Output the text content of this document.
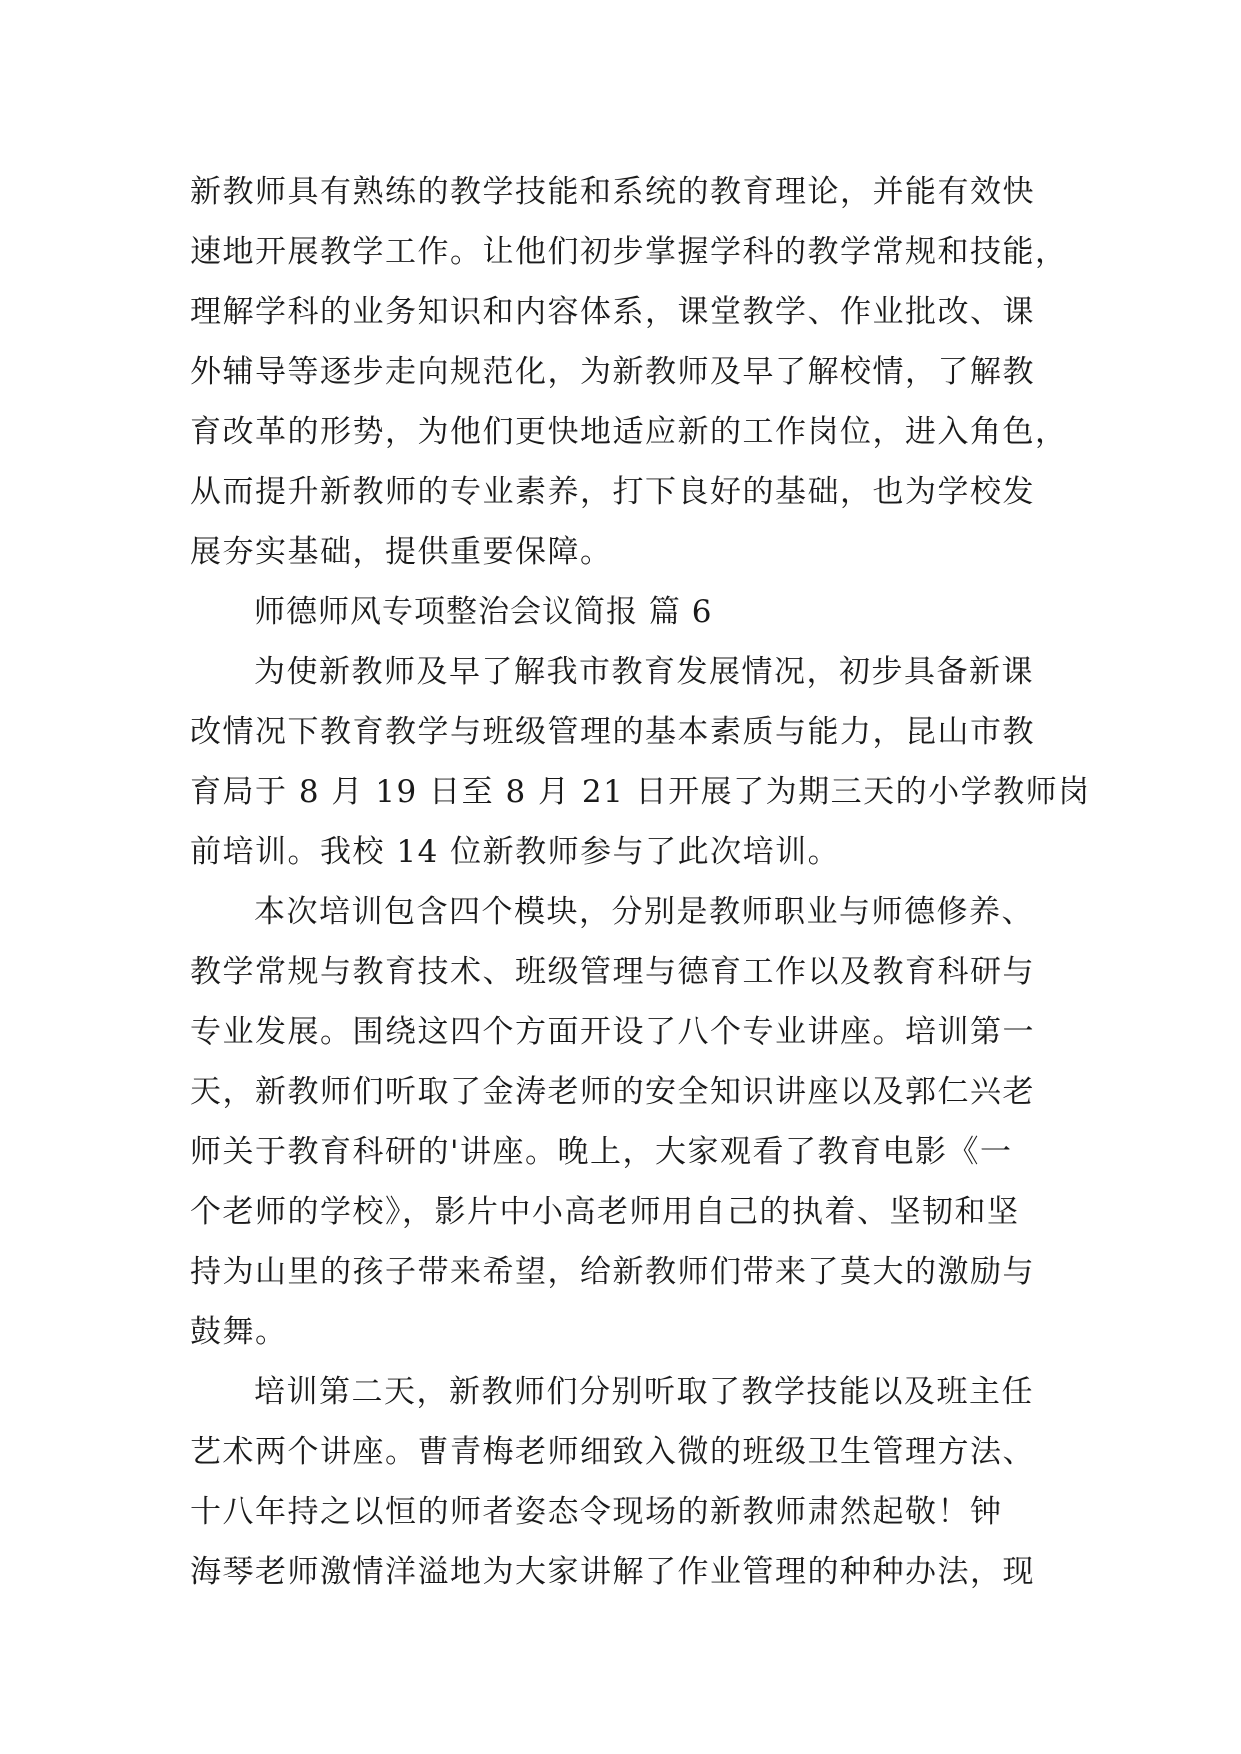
新教师具有熟练的教学技能和系统的教育理论，并能有效快
速地开展教学工作。让他们初步掌握学科的教学常规和技能，
理解学科的业务知识和内容体系，课堂教学、作业批改、课
外辅导等逐步走向规范化，为新教师及早了解校情，了解教
育改革的形势，为他们更快地适应新的工作岗位，进入角色，
从而提升新教师的专业素养，打下良好的基础，也为学校发
展夯实基础，提供重要保障。
师德师风专项整治会议简报 篇 6
为使新教师及早了解我市教育发展情况，初步具备新课
改情况下教育教学与班级管理的基本素质与能力，昆山市教
育局于 8 月 19 日至 8 月 21 日开展了为期三天的小学教师岗
前培训。我校 14 位新教师参与了此次培训。
本次培训包含四个模块，分别是教师职业与师德修养、
教学常规与教育技术、班级管理与德育工作以及教育科研与
专业发展。围绕这四个方面开设了八个专业讲座。培训第一
天，新教师们听取了金涛老师的安全知识讲座以及郭仁兴老
师关于教育科研的'讲座。晚上，大家观看了教育电影《一
个老师的学校》，影片中小高老师用自己的执着、坚韧和坚
持为山里的孩子带来希望，给新教师们带来了莫大的激励与
鼓舞。
培训第二天，新教师们分别听取了教学技能以及班主任
艺术两个讲座。曹青梅老师细致入微的班级卫生管理方法、
十八年持之以恒的师者姿态令现场的新教师肃然起敬！钟
海琴老师激情洋溢地为大家讲解了作业管理的种种办法，现
